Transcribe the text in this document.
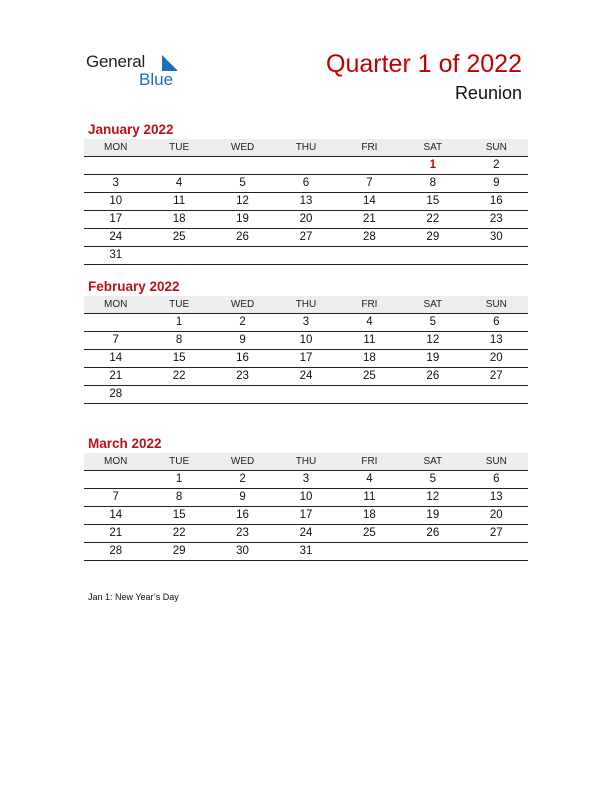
General
Blue
Quarter 1 of 2022
Reunion
January 2022
MON	TUE	WED	THU	FRI	SAT	SUN
					1	2
3	4	5	6	7	8	9
10	11	12	13	14	15	16
17	18	19	20	21	22	23
24	25	26	27	28	29	30
31						
February 2022
MON	TUE	WED	THU	FRI	SAT	SUN
	1	2	3	4	5	6
7	8	9	10	11	12	13
14	15	16	17	18	19	20
21	22	23	24	25	26	27
28						
March 2022
MON	TUE	WED	THU	FRI	SAT	SUN
	1	2	3	4	5	6
7	8	9	10	11	12	13
14	15	16	17	18	19	20
21	22	23	24	25	26	27
28	29	30	31			
Jan 1: New Year’s Day
